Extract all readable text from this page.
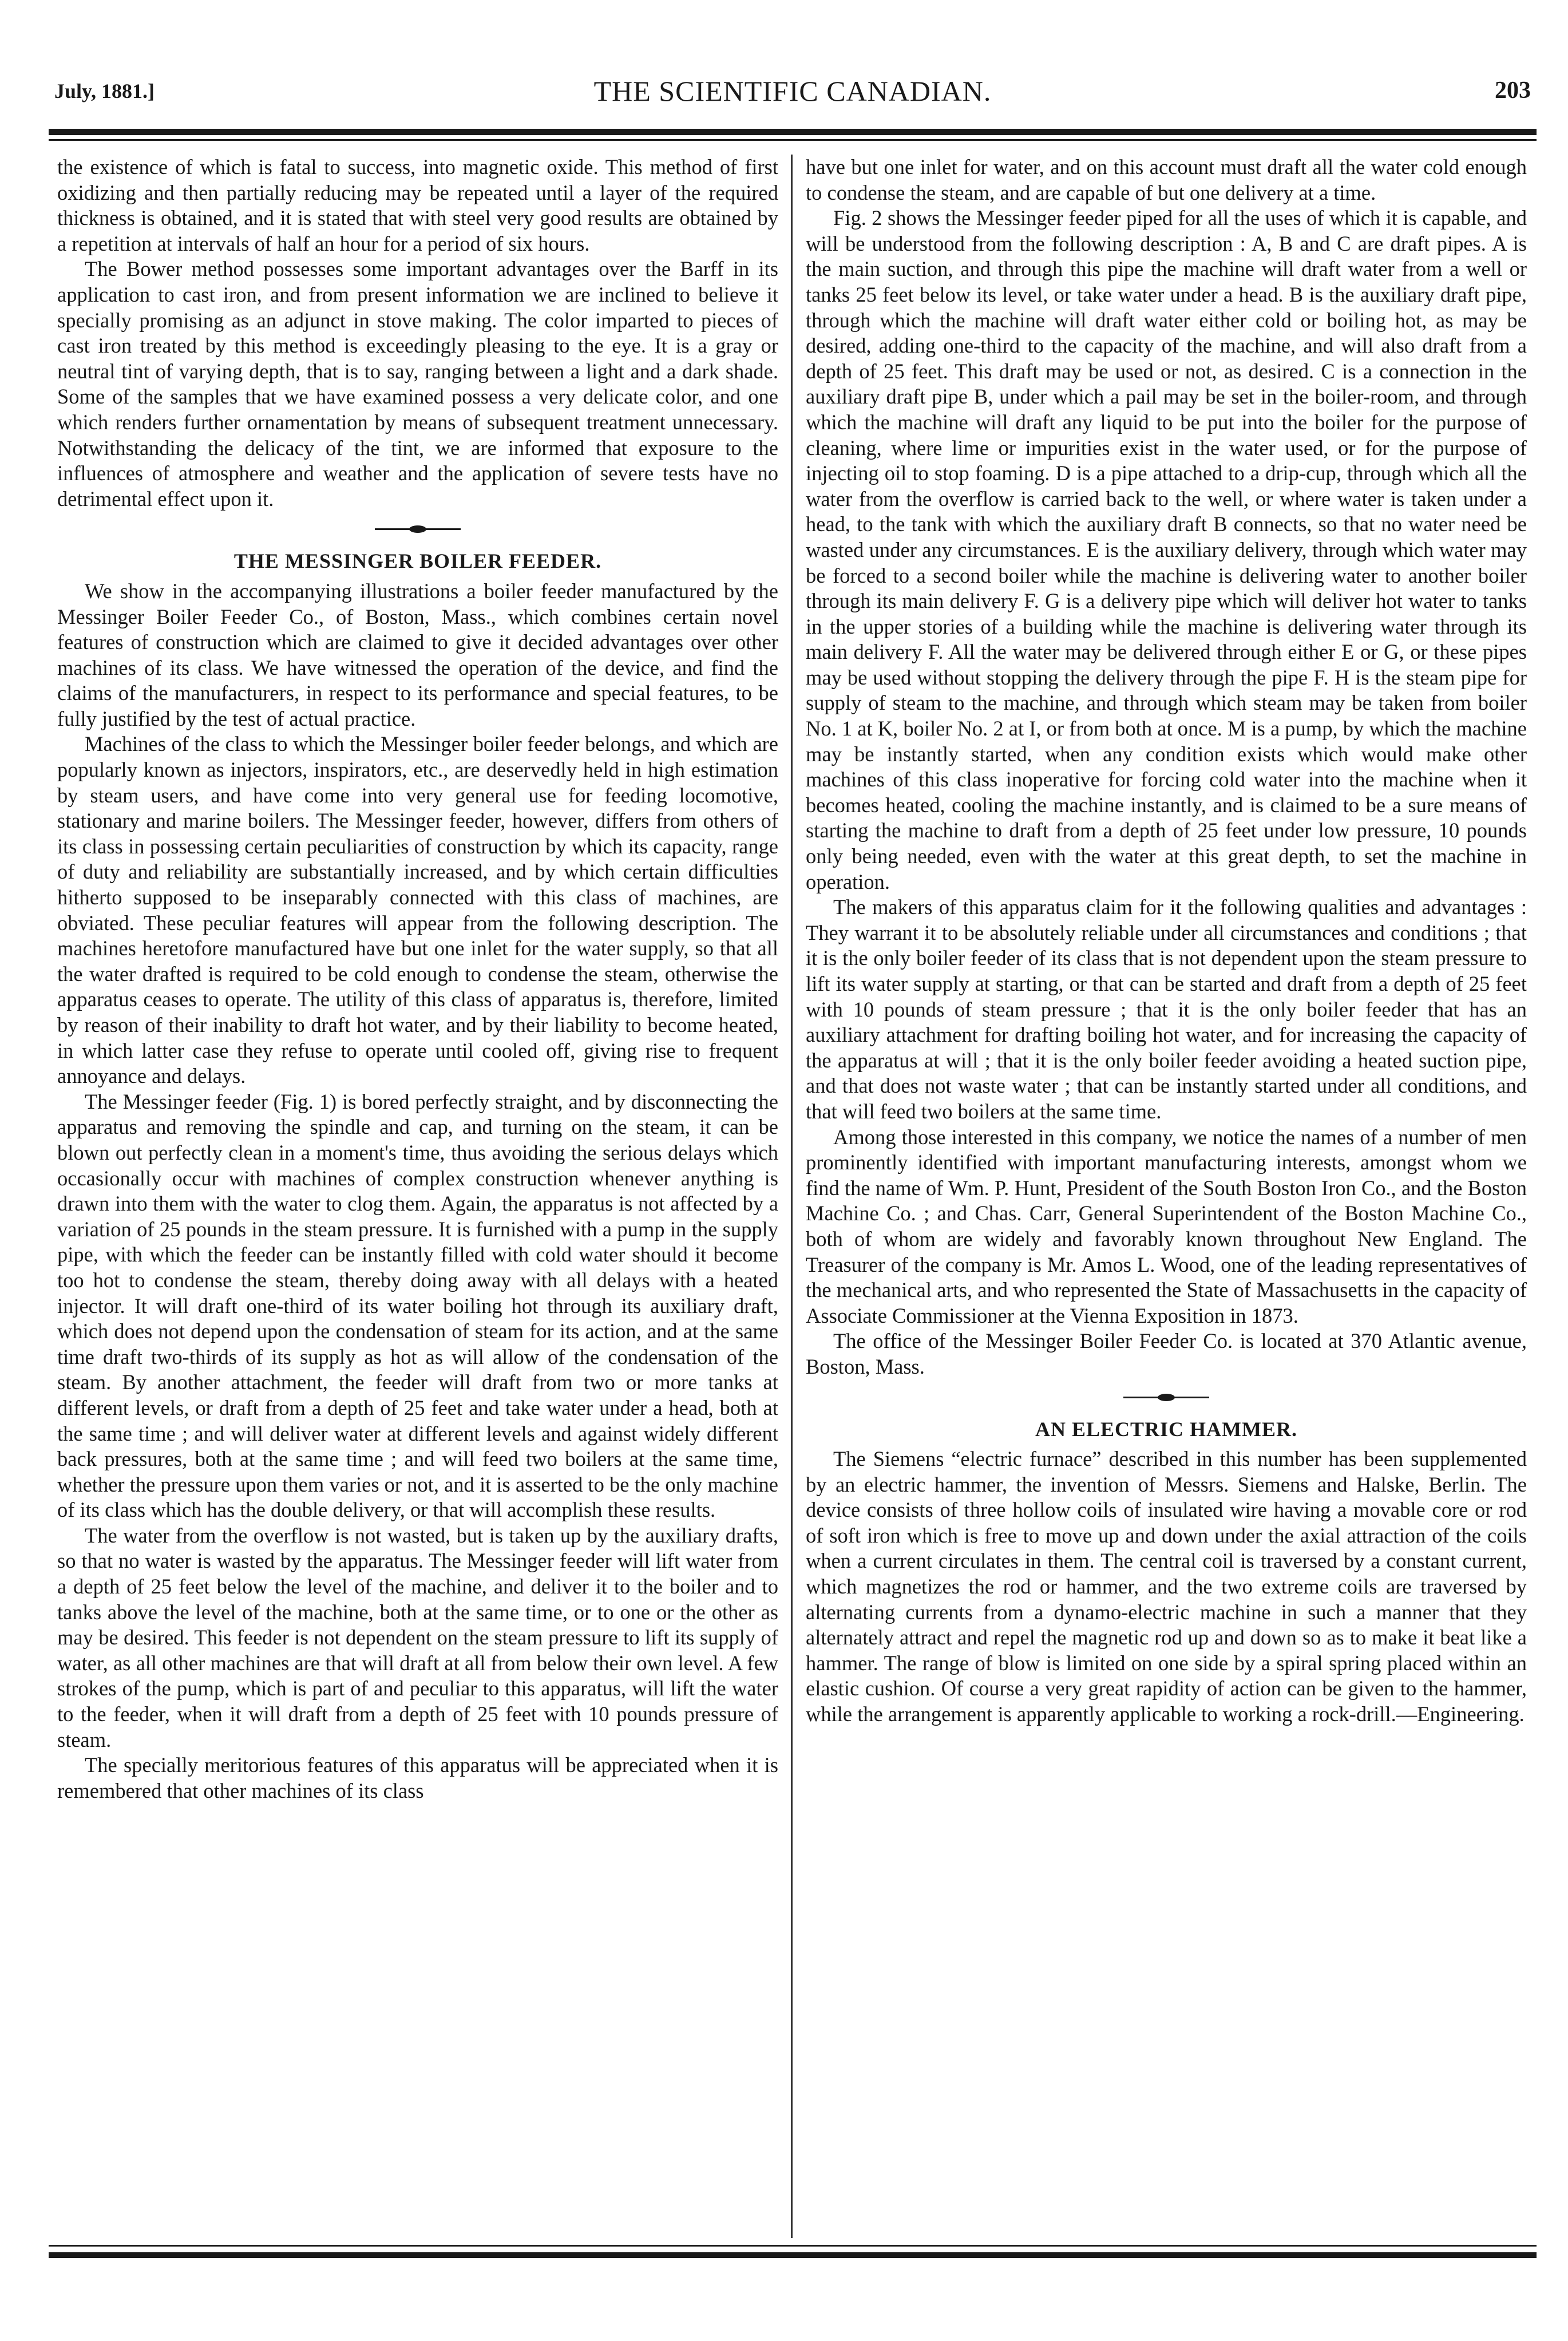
July, 1881.]	THE SCIENTIFIC CANADIAN.	203

the existence of which is fatal to success, into magnetic oxide. This method of first oxidizing and then partially reducing may be repeated until a layer of the required thickness is obtained, and it is stated that with steel very good results are obtained by a repetition at intervals of half an hour for a period of six hours.

The Bower method possesses some important advantages over the Barff in its application to cast iron, and from present information we are inclined to believe it specially promising as an adjunct in stove making. The color imparted to pieces of cast iron treated by this method is exceedingly pleasing to the eye. It is a gray or neutral tint of varying depth, that is to say, ranging between a light and a dark shade. Some of the samples that we have examined possess a very delicate color, and one which renders further ornamentation by means of subsequent treatment unnecessary. Notwithstanding the delicacy of the tint, we are informed that exposure to the influences of atmosphere and weather and the application of severe tests have no detrimental effect upon it.

THE MESSINGER BOILER FEEDER.

We show in the accompanying illustrations a boiler feeder manufactured by the Messinger Boiler Feeder Co., of Boston, Mass., which combines certain novel features of construction which are claimed to give it decided advantages over other machines of its class. We have witnessed the operation of the device, and find the claims of the manufacturers, in respect to its performance and special features, to be fully justified by the test of actual practice.

Machines of the class to which the Messinger boiler feeder belongs, and which are popularly known as injectors, inspirators, etc., are deservedly held in high estimation by steam users, and have come into very general use for feeding locomotive, stationary and marine boilers. The Messinger feeder, however, differs from others of its class in possessing certain peculiarities of construction by which its capacity, range of duty and reliability are substantially increased, and by which certain difficulties hitherto supposed to be inseparably connected with this class of machines, are obviated. These peculiar features will appear from the following description. The machines heretofore manufactured have but one inlet for the water supply, so that all the water drafted is required to be cold enough to condense the steam, otherwise the apparatus ceases to operate. The utility of this class of apparatus is, therefore, limited by reason of their inability to draft hot water, and by their liability to become heated, in which latter case they refuse to operate until cooled off, giving rise to frequent annoyance and delays.

The Messinger feeder (Fig. 1) is bored perfectly straight, and by disconnecting the apparatus and removing the spindle and cap, and turning on the steam, it can be blown out perfectly clean in a moment's time, thus avoiding the serious delays which occasionally occur with machines of complex construction whenever anything is drawn into them with the water to clog them. Again, the apparatus is not affected by a variation of 25 pounds in the steam pressure. It is furnished with a pump in the supply pipe, with which the feeder can be instantly filled with cold water should it become too hot to condense the steam, thereby doing away with all delays with a heated injector. It will draft one-third of its water boiling hot through its auxiliary draft, which does not depend upon the condensation of steam for its action, and at the same time draft two-thirds of its supply as hot as will allow of the condensation of the steam. By another attachment, the feeder will draft from two or more tanks at different levels, or draft from a depth of 25 feet and take water under a head, both at the same time ; and will deliver water at different levels and against widely different back pressures, both at the same time ; and will feed two boilers at the same time, whether the pressure upon them varies or not, and it is asserted to be the only machine of its class which has the double delivery, or that will accomplish these results.

The water from the overflow is not wasted, but is taken up by the auxiliary drafts, so that no water is wasted by the apparatus. The Messinger feeder will lift water from a depth of 25 feet below the level of the machine, and deliver it to the boiler and to tanks above the level of the machine, both at the same time, or to one or the other as may be desired. This feeder is not dependent on the steam pressure to lift its supply of water, as all other machines are that will draft at all from below their own level. A few strokes of the pump, which is part of and peculiar to this apparatus, will lift the water to the feeder, when it will draft from a depth of 25 feet with 10 pounds pressure of steam.

The specially meritorious features of this apparatus will be appreciated when it is remembered that other machines of its class

have but one inlet for water, and on this account must draft all the water cold enough to condense the steam, and are capable of but one delivery at a time.

Fig. 2 shows the Messinger feeder piped for all the uses of which it is capable, and will be understood from the following description : A, B and C are draft pipes. A is the main suction, and through this pipe the machine will draft water from a well or tanks 25 feet below its level, or take water under a head. B is the auxiliary draft pipe, through which the machine will draft water either cold or boiling hot, as may be desired, adding one-third to the capacity of the machine, and will also draft from a depth of 25 feet. This draft may be used or not, as desired. C is a connection in the auxiliary draft pipe B, under which a pail may be set in the boiler-room, and through which the machine will draft any liquid to be put into the boiler for the purpose of cleaning, where lime or impurities exist in the water used, or for the purpose of injecting oil to stop foaming. D is a pipe attached to a drip-cup, through which all the water from the overflow is carried back to the well, or where water is taken under a head, to the tank with which the auxiliary draft B connects, so that no water need be wasted under any circumstances. E is the auxiliary delivery, through which water may be forced to a second boiler while the machine is delivering water to another boiler through its main delivery F. G is a delivery pipe which will deliver hot water to tanks in the upper stories of a building while the machine is delivering water through its main delivery F. All the water may be delivered through either E or G, or these pipes may be used without stopping the delivery through the pipe F. H is the steam pipe for supply of steam to the machine, and through which steam may be taken from boiler No. 1 at K, boiler No. 2 at I, or from both at once. M is a pump, by which the machine may be instantly started, when any condition exists which would make other machines of this class inoperative for forcing cold water into the machine when it becomes heated, cooling the machine instantly, and is claimed to be a sure means of starting the machine to draft from a depth of 25 feet under low pressure, 10 pounds only being needed, even with the water at this great depth, to set the machine in operation.

The makers of this apparatus claim for it the following qualities and advantages : They warrant it to be absolutely reliable under all circumstances and conditions ; that it is the only boiler feeder of its class that is not dependent upon the steam pressure to lift its water supply at starting, or that can be started and draft from a depth of 25 feet with 10 pounds of steam pressure ; that it is the only boiler feeder that has an auxiliary attachment for drafting boiling hot water, and for increasing the capacity of the apparatus at will ; that it is the only boiler feeder avoiding a heated suction pipe, and that does not waste water ; that can be instantly started under all conditions, and that will feed two boilers at the same time.

Among those interested in this company, we notice the names of a number of men prominently identified with important manufacturing interests, amongst whom we find the name of Wm. P. Hunt, President of the South Boston Iron Co., and the Boston Machine Co. ; and Chas. Carr, General Superintendent of the Boston Machine Co., both of whom are widely and favorably known throughout New England. The Treasurer of the company is Mr. Amos L. Wood, one of the leading representatives of the mechanical arts, and who represented the State of Massachusetts in the capacity of Associate Commissioner at the Vienna Exposition in 1873.

The office of the Messinger Boiler Feeder Co. is located at 370 Atlantic avenue, Boston, Mass.

AN ELECTRIC HAMMER.

The Siemens “electric furnace” described in this number has been supplemented by an electric hammer, the invention of Messrs. Siemens and Halske, Berlin. The device consists of three hollow coils of insulated wire having a movable core or rod of soft iron which is free to move up and down under the axial attraction of the coils when a current circulates in them. The central coil is traversed by a constant current, which magnetizes the rod or hammer, and the two extreme coils are traversed by alternating currents from a dynamo-electric machine in such a manner that they alternately attract and repel the magnetic rod up and down so as to make it beat like a hammer. The range of blow is limited on one side by a spiral spring placed within an elastic cushion. Of course a very great rapidity of action can be given to the hammer, while the arrangement is apparently applicable to working a rock-drill.—Engineering.
